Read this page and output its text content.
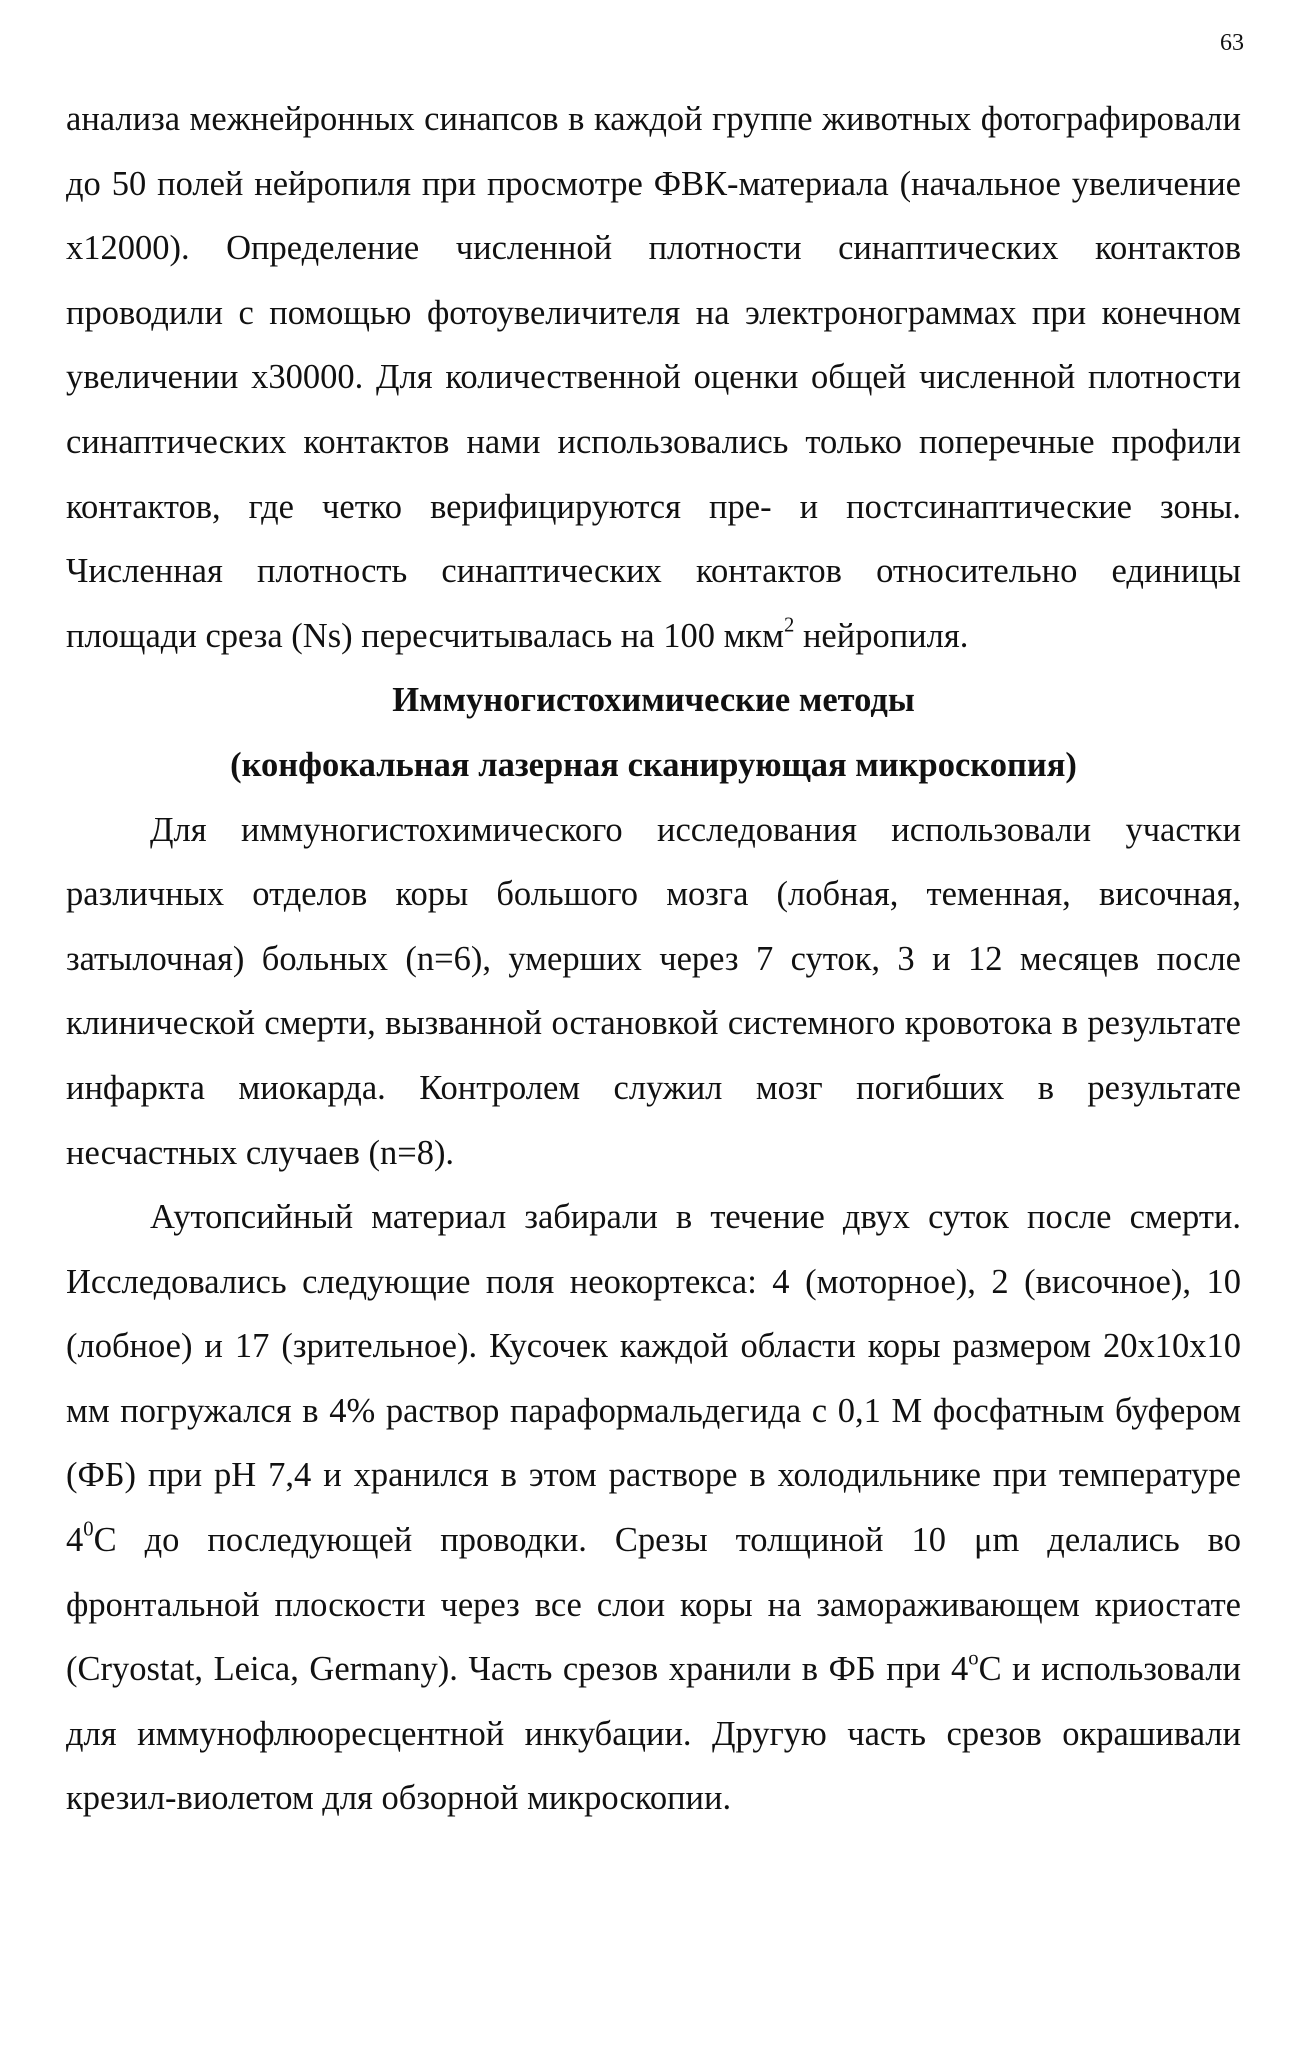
63

анализа межнейронных синапсов в каждой группе животных фотографировали до 50 полей нейропиля при просмотре ФВК-материала (начальное увеличение х12000). Определение численной плотности синаптических контактов проводили с помощью фотоувеличителя на электронограммах при конечном увеличении х30000. Для количественной оценки общей численной плотности синаптических контактов нами использовались только поперечные профили контактов, где четко верифицируются пре- и постсинаптические зоны. Численная плотность синаптических контактов относительно единицы площади среза (Ns) пересчитывалась на 100 мкм$^2$ нейропиля.

Иммуногистохимические методы

(конфокальная лазерная сканирующая микроскопия)

Для иммуногистохимического исследования использовали участки различных отделов коры большого мозга (лобная, теменная, височная, затылочная) больных (n=6), умерших через 7 суток, 3 и 12 месяцев после клинической смерти, вызванной остановкой системного кровотока в результате инфаркта миокарда. Контролем служил мозг погибших в результате несчастных случаев (n=8).

Аутопсийный материал забирали в течение двух суток после смерти. Исследовались следующие поля неокортекса: 4 (моторное), 2 (височное), 10 (лобное) и 17 (зрительное). Кусочек каждой области коры размером 20х10х10 мм погружался в 4% раствор параформальдегида с 0,1 М фосфатным буфером (ФБ) при рН 7,4 и хранился в этом растворе в холодильнике при температуре $4^0С$ до последующей проводки. Срезы толщиной 10 μm делались во фронтальной плоскости через все слои коры на замораживающем криостате (Cryostat, Leica, Germany). Часть срезов хранили в ФБ при 4$^o$С и использовали для иммунофлюоресцентной инкубации. Другую часть срезов окрашивали крезил-виолетом для обзорной микроскопии.
